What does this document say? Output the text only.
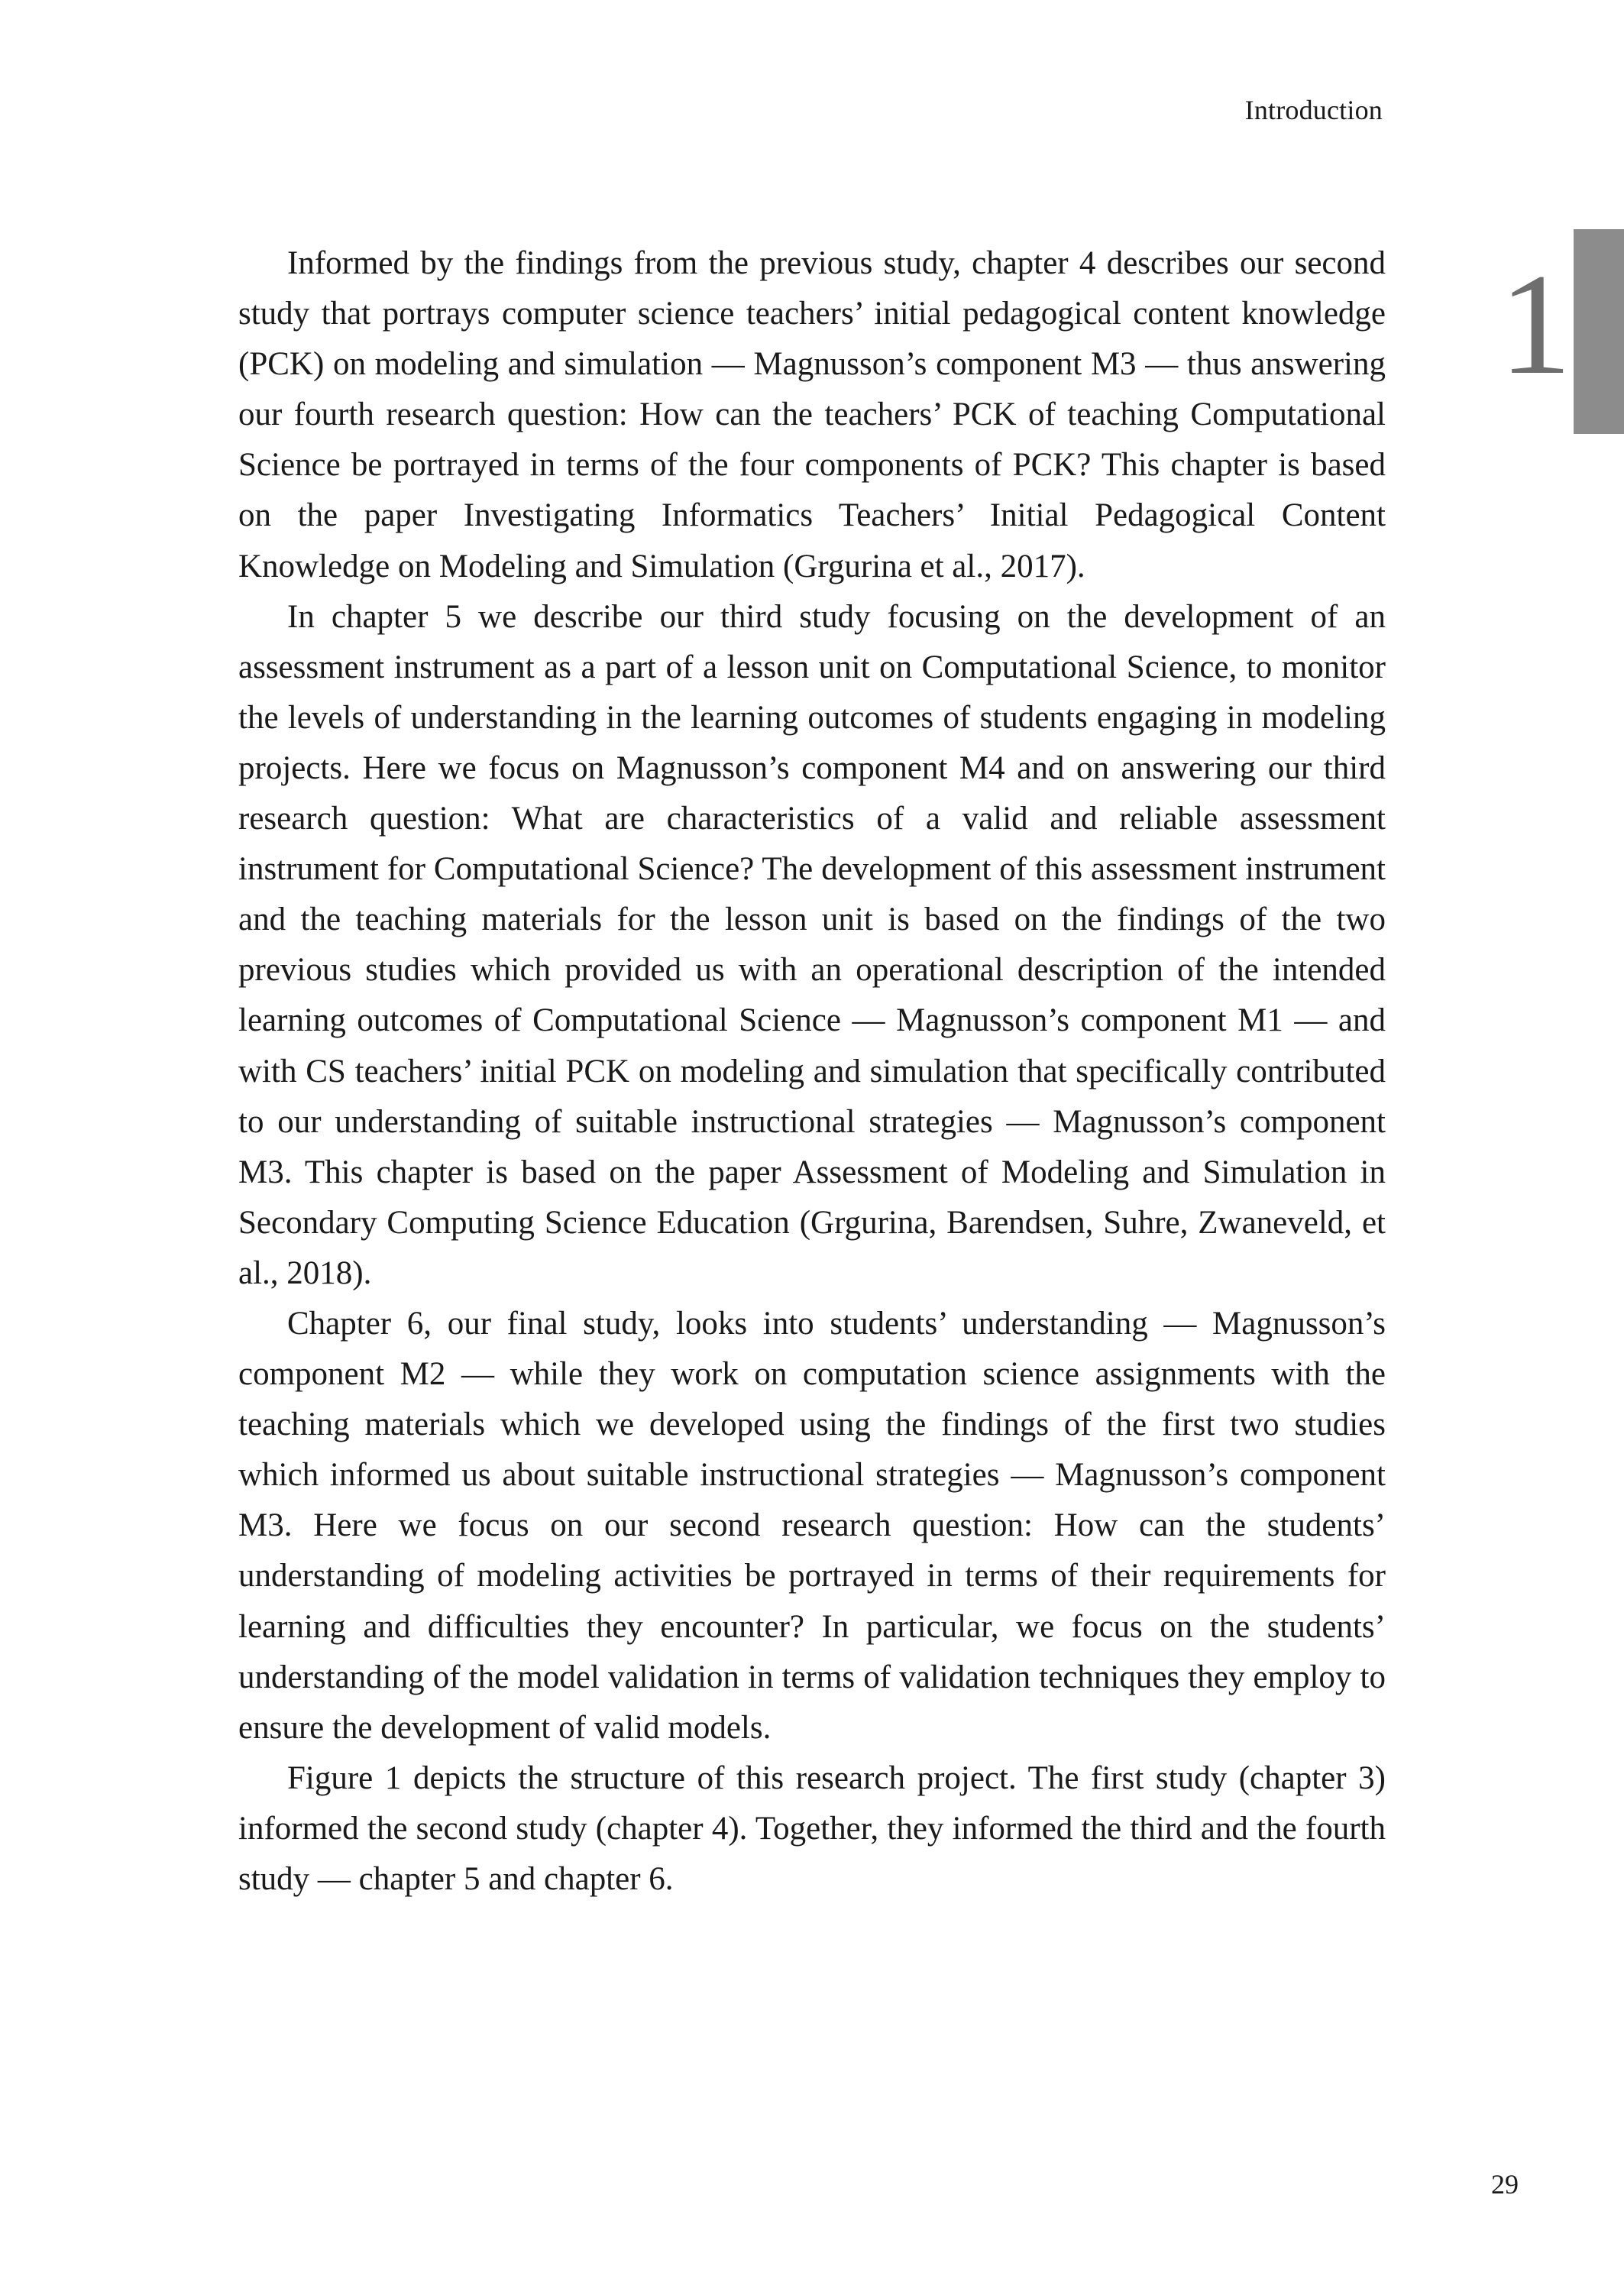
Introduction
1

Informed by the findings from the previous study, chapter 4 describes our second study that portrays computer science teachers’ initial pedagogical content knowledge (PCK) on modeling and simulation — Magnusson’s component M3 — thus answering our fourth research question: How can the teachers’ PCK of teaching Computational Science be portrayed in terms of the four components of PCK? This chapter is based on the paper Investigating Informatics Teachers’ Initial Pedagogical Content Knowledge on Modeling and Simulation (Grgurina et al., 2017).

In chapter 5 we describe our third study focusing on the development of an assessment instrument as a part of a lesson unit on Computational Science, to monitor the levels of understanding in the learning outcomes of students engaging in modeling projects. Here we focus on Magnusson’s component M4 and on answering our third research question: What are characteristics of a valid and reliable assessment instrument for Computational Science? The development of this assessment instrument and the teaching materials for the lesson unit is based on the findings of the two previous studies which provided us with an operational description of the intended learning outcomes of Computational Science — Magnusson’s component M1 — and with CS teachers’ initial PCK on modeling and simulation that specifically contributed to our understanding of suitable instructional strategies — Magnusson’s component M3. This chapter is based on the paper Assessment of Modeling and Simulation in Secondary Computing Science Education (Grgurina, Barendsen, Suhre, Zwaneveld, et al., 2018).

Chapter 6, our final study, looks into students’ understanding — Magnusson’s component M2 — while they work on computation science assignments with the teaching materials which we developed using the findings of the first two studies which informed us about suitable instructional strategies — Magnusson’s component M3. Here we focus on our second research question: How can the students’ understanding of modeling activities be portrayed in terms of their requirements for learning and difficulties they encounter? In particular, we focus on the students’ understanding of the model validation in terms of validation techniques they employ to ensure the development of valid models.

Figure 1 depicts the structure of this research project. The first study (chapter 3) informed the second study (chapter 4). Together, they informed the third and the fourth study — chapter 5 and chapter 6.

29
